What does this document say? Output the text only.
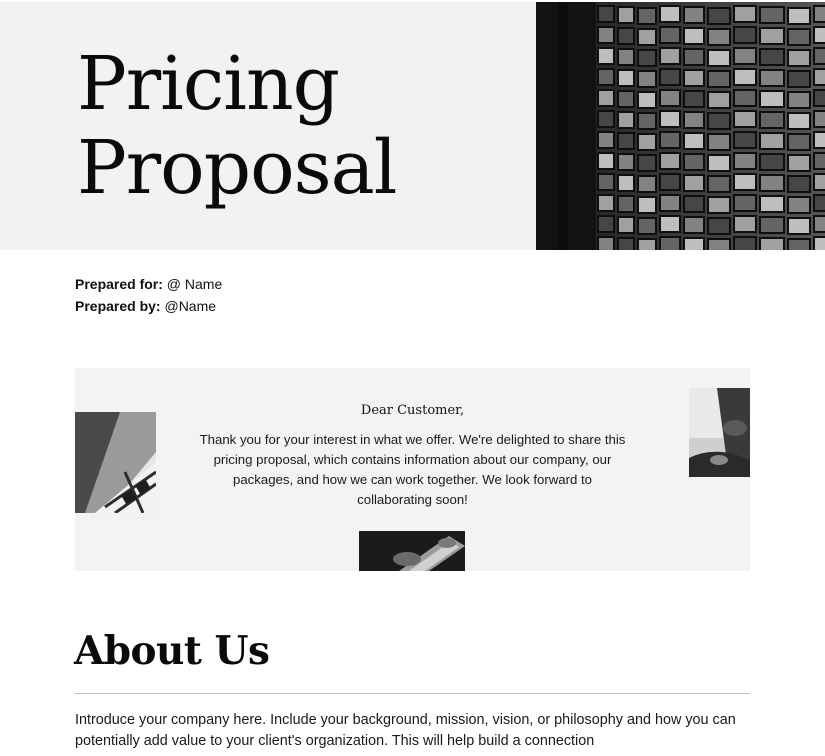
Pricing
Proposal
Prepared for: @ Name
Prepared by: @Name
Dear Customer,

Thank you for your interest in what we offer. We're delighted to share this pricing proposal, which contains information about our company, our packages, and how we can work together. We look forward to collaborating soon!

About Us

Introduce your company here. Include your background, mission, vision, or philosophy and how you can potentially add value to your client's organization. This will help build a connection
